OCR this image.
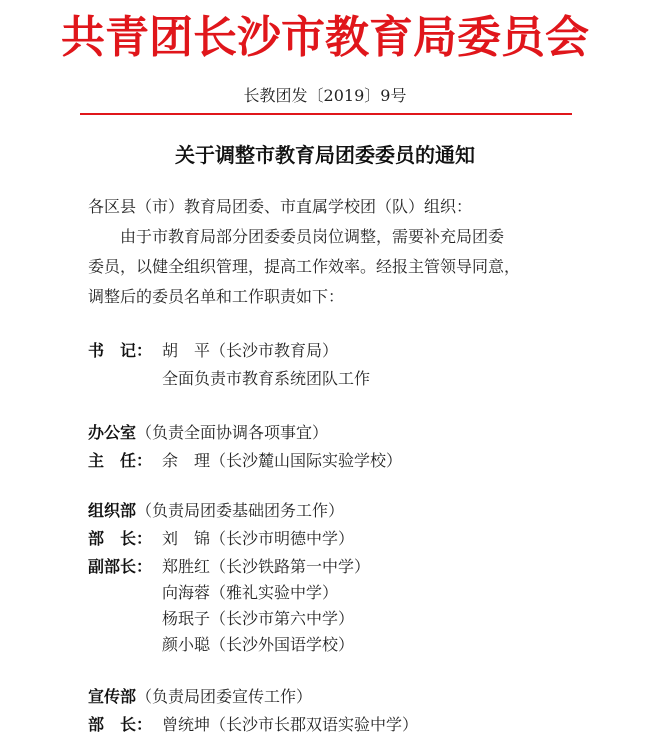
共青团长沙市教育局委员会
长教团发〔2019〕9号
关于调整市教育局团委委员的通知
各区县（市）教育局团委、市直属学校团（队）组织：
由于市教育局部分团委委员岗位调整，需要补充局团委
委员，以健全组织管理，提高工作效率。经报主管领导同意，
调整后的委员名单和工作职责如下：
书　记： 胡　平（长沙市教育局）
全面负责市教育系统团队工作
办公室（负责全面协调各项事宜）
主　任： 余　理（长沙麓山国际实验学校）
组织部（负责局团委基础团务工作）
部　长： 刘　锦（长沙市明德中学）
副部长： 郑胜红（长沙铁路第一中学）
向海蓉（雅礼实验中学）
杨珉子（长沙市第六中学）
颜小聪（长沙外国语学校）
宣传部（负责局团委宣传工作）
部　长： 曾统坤（长沙市长郡双语实验中学）
